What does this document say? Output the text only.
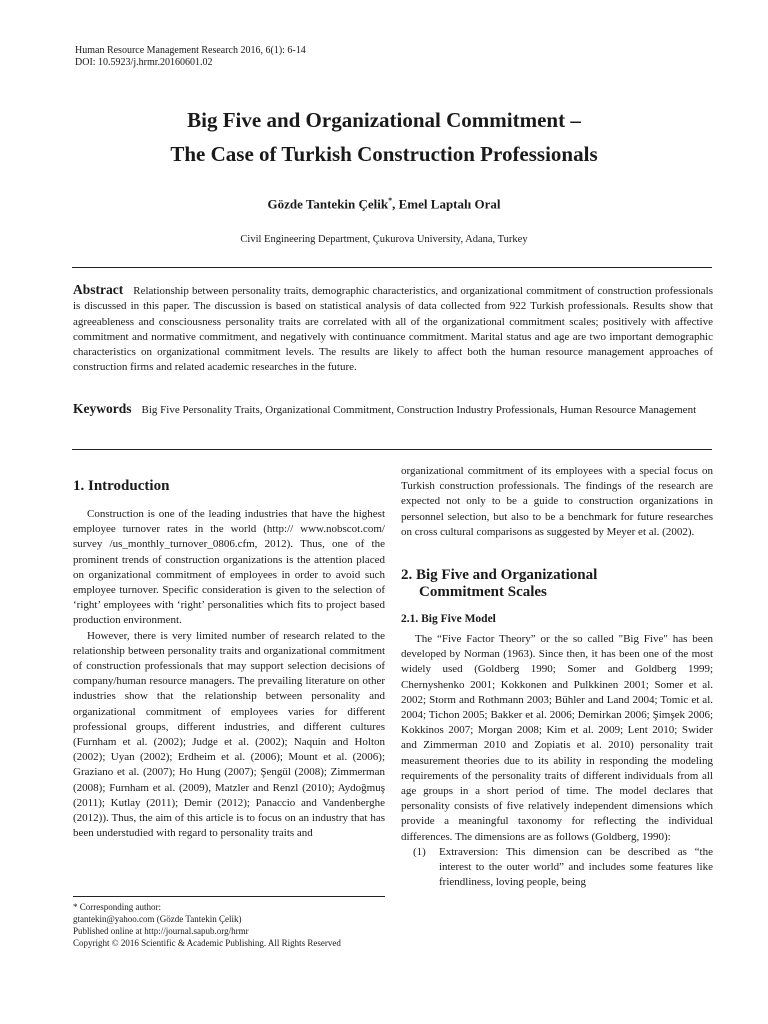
Human Resource Management Research 2016, 6(1): 6-14
DOI: 10.5923/j.hrmr.20160601.02
Big Five and Organizational Commitment –
The Case of Turkish Construction Professionals
Gözde Tantekin Çelik*, Emel Laptalı Oral
Civil Engineering Department, Çukurova University, Adana, Turkey
Abstract Relationship between personality traits, demographic characteristics, and organizational commitment of construction professionals is discussed in this paper. The discussion is based on statistical analysis of data collected from 922 Turkish professionals. Results show that agreeableness and consciousness personality traits are correlated with all of the organizational commitment scales; positively with affective commitment and normative commitment, and negatively with continuance commitment. Marital status and age are two important demographic characteristics on organizational commitment levels. The results are likely to affect both the human resource management approaches of construction firms and related academic researches in the future.
Keywords Big Five Personality Traits, Organizational Commitment, Construction Industry Professionals, Human Resource Management
1. Introduction

Construction is one of the leading industries that have the highest employee turnover rates in the world (http:// www.nobscot.com/ survey /us_monthly_turnover_0806.cfm, 2012). Thus, one of the prominent trends of construction organizations is the attention placed on organizational commitment of employees in order to avoid such employee turnover. Specific consideration is given to the selection of ‘right’ employees with ‘right’ personalities which fits to project based production environment.

However, there is very limited number of research related to the relationship between personality traits and organizational commitment of construction professionals that may support selection decisions of company/human resource managers. The prevailing literature on other industries show that the relationship between personality and organizational commitment of employees varies for different professional groups, different industries, and different cultures (Furnham et al. (2002); Judge et al. (2002); Naquin and Holton (2002); Uyan (2002); Erdheim et al. (2006); Mount et al. (2006); Graziano et al. (2007); Ho Hung (2007); Şengül (2008); Zimmerman (2008); Furnham et al. (2009), Matzler and Renzl (2010); Aydoğmuş (2011); Kutlay (2011); Demir (2012); Panaccio and Vandenberghe (2012)). Thus, the aim of this article is to focus on an industry that has been understudied with regard to personality traits and

organizational commitment of its employees with a special focus on Turkish construction professionals. The findings of the research are expected not only to be a guide to construction organizations in personnel selection, but also to be a benchmark for future researches on cross cultural comparisons as suggested by Meyer et al. (2002).

2. Big Five and Organizational
Commitment Scales
2.1. Big Five Model

The “Five Factor Theory” or the so called "Big Five" has been developed by Norman (1963). Since then, it has been one of the most widely used (Goldberg 1990; Somer and Goldberg 1999; Chernyshenko 2001; Kokkonen and Pulkkinen 2001; Somer et al. 2002; Storm and Rothmann 2003; Bühler and Land 2004; Tomic et al. 2004; Tichon 2005; Bakker et al. 2006; Demirkan 2006; Şimşek 2006; Kokkinos 2007; Morgan 2008; Kim et al. 2009; Lent 2010; Swider and Zimmerman 2010 and Zopiatis et al. 2010) personality trait measurement theories due to its ability in responding the modeling requirements of the personality traits of different individuals from all age groups in a short period of time. The model declares that personality consists of five relatively independent dimensions which provide a meaningful taxonomy for reflecting the individual differences. The dimensions are as follows (Goldberg, 1990):

(1) Extraversion: This dimension can be described as “the interest to the outer world” and includes some features like friendliness, loving people, being
* Corresponding author:
gtantekin@yahoo.com (Gözde Tantekin Çelik)
Published online at http://journal.sapub.org/hrmr
Copyright © 2016 Scientific & Academic Publishing. All Rights Reserved
